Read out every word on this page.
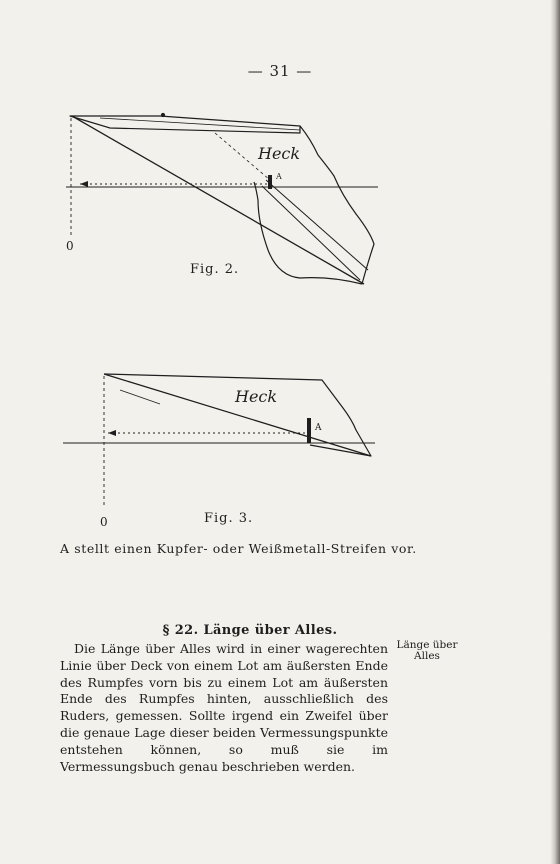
— 31 —
Heck
A
0
Fig. 2.
Heck
A
0	Fig. 3.
A stellt einen Kupfer- oder Weißmetall-Streifen vor.
§ 22. Länge über Alles.
Die Länge über Alles wird in einer wagerechten Linie über Deck von einem Lot am äußersten Ende des Rumpfes vorn bis zu einem Lot am äußersten Ende des Rumpfes hinten, ausschließlich des Ruders, gemessen. Sollte irgend ein Zweifel über die genaue Lage dieser beiden Vermessungspunkte entstehen können, so muß sie im Vermessungsbuch genau beschrieben werden.
Länge über Alles
